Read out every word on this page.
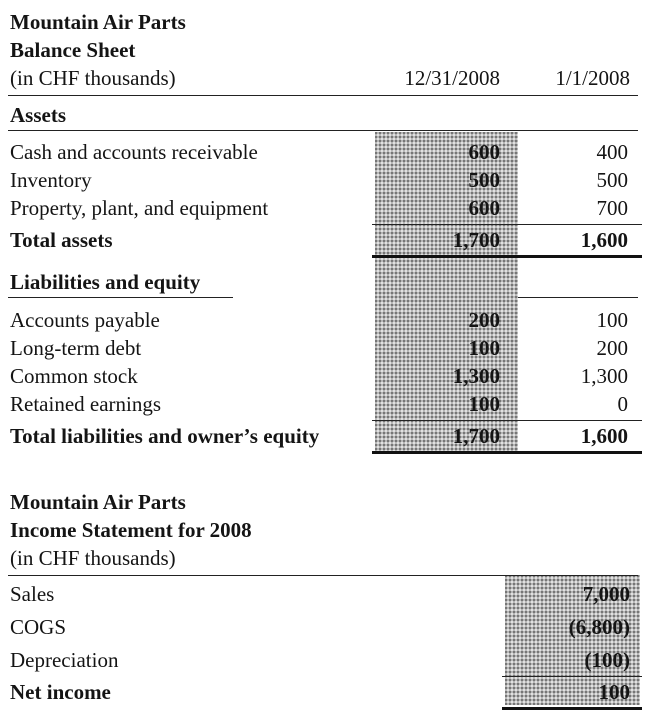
Mountain Air Parts
Balance Sheet
(in CHF thousands)	12/31/2008	1/1/2008
Assets
Cash and accounts receivable	600	400
Inventory	500	500
Property, plant, and equipment	600	700
Total assets	1,700	1,600
Liabilities and equity
Accounts payable	200	100
Long-term debt	100	200
Common stock	1,300	1,300
Retained earnings	100	0
Total liabilities and owner’s equity	1,700	1,600
Mountain Air Parts
Income Statement for 2008
(in CHF thousands)
Sales	7,000
COGS	(6,800)
Depreciation	(100)
Net income	100
